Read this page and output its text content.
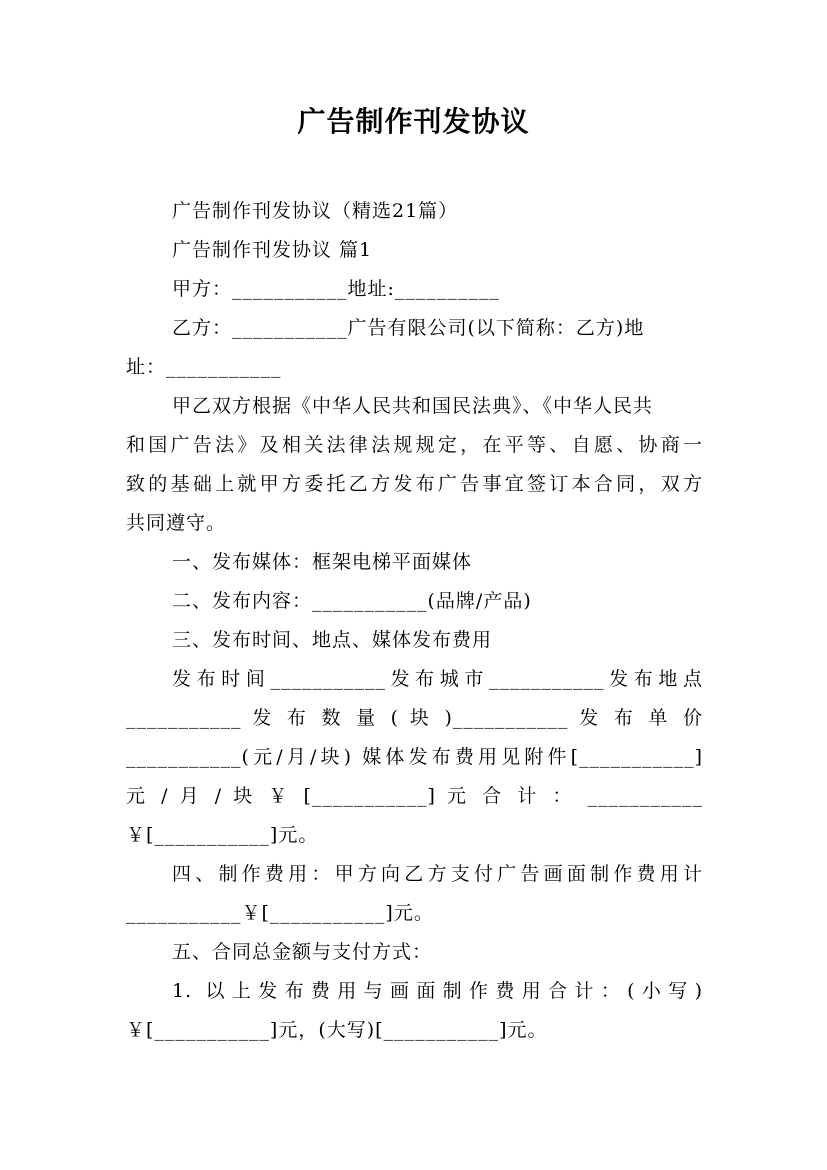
广告制作刊发协议
广告制作刊发协议（精选21篇）
广告制作刊发协议 篇1
甲方：___________地址:__________
乙方：___________广告有限公司(以下简称：乙方)地
址：___________
甲乙双方根据《中华人民共和国民法典》、《中华人民共
和国广告法》及相关法律法规规定，在平等、自愿、协商一
致的基础上就甲方委托乙方发布广告事宜签订本合同，双方
共同遵守。
一、发布媒体：框架电梯平面媒体
二、发布内容：___________(品牌/产品)
三、发布时间、地点、媒体发布费用
发布时间___________发布城市___________发布地点
___________ 发 布 数 量 ( 块 )___________ 发 布 单 价
___________(元/月/块) 媒体发布费用见附件[___________]
元 / 月 / 块 ￥ [___________] 元 合 计 ： ___________
￥[___________]元。
四、制作费用：甲方向乙方支付广告画面制作费用计
___________￥[___________]元。
五、合同总金额与支付方式：
1. 以上发布费用与画面制作费用合计：(小写)
￥[___________]元，(大写)[___________]元。
